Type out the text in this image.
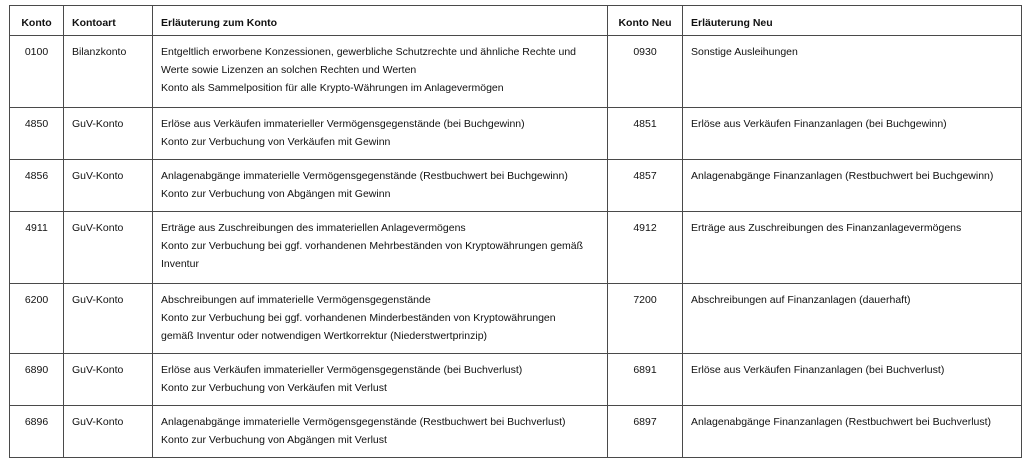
Konto	Kontoart	Erläuterung zum Konto	Konto Neu	Erläuterung Neu
0100	Bilanzkonto	Entgeltlich erworbene Konzessionen, gewerbliche Schutzrechte und ähnliche Rechte und
Werte sowie Lizenzen an solchen Rechten und Werten
Konto als Sammelposition für alle Krypto-Währungen im Anlagevermögen	0930	Sonstige Ausleihungen
4850	GuV-Konto	Erlöse aus Verkäufen immaterieller Vermögensgegenstände (bei Buchgewinn)
Konto zur Verbuchung von Verkäufen mit Gewinn	4851	Erlöse aus Verkäufen Finanzanlagen (bei Buchgewinn)
4856	GuV-Konto	Anlagenabgänge immaterielle Vermögensgegenstände (Restbuchwert bei Buchgewinn)
Konto zur Verbuchung von Abgängen mit Gewinn	4857	Anlagenabgänge Finanzanlagen (Restbuchwert bei Buchgewinn)
4911	GuV-Konto	Erträge aus Zuschreibungen des immateriellen Anlagevermögens
Konto zur Verbuchung bei ggf. vorhandenen Mehrbeständen von Kryptowährungen gemäß
Inventur	4912	Erträge aus Zuschreibungen des Finanzanlagevermögens
6200	GuV-Konto	Abschreibungen auf immaterielle Vermögensgegenstände
Konto zur Verbuchung bei ggf. vorhandenen Minderbeständen von Kryptowährungen
gemäß Inventur oder notwendigen Wertkorrektur (Niederstwertprinzip)	7200	Abschreibungen auf Finanzanlagen (dauerhaft)
6890	GuV-Konto	Erlöse aus Verkäufen immaterieller Vermögensgegenstände (bei Buchverlust)
Konto zur Verbuchung von Verkäufen mit Verlust	6891	Erlöse aus Verkäufen Finanzanlagen (bei Buchverlust)
6896	GuV-Konto	Anlagenabgänge immaterielle Vermögensgegenstände (Restbuchwert bei Buchverlust)
Konto zur Verbuchung von Abgängen mit Verlust	6897	Anlagenabgänge Finanzanlagen (Restbuchwert bei Buchverlust)
